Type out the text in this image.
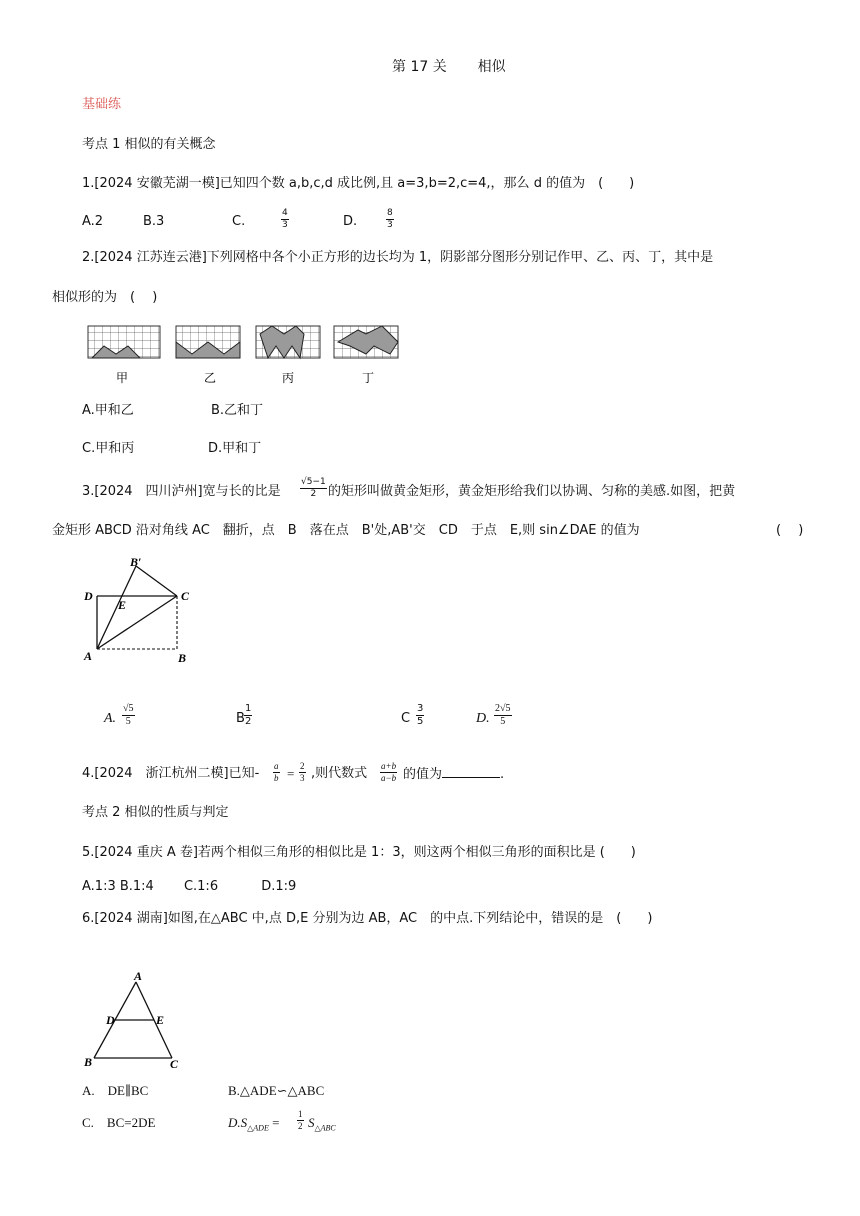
第 17 关 相似
基础练
考点 1 相似的有关概念
1.[2024 安徽芜湖一模]已知四个数 a,b,c,d 成比例,且 a=3,b=2,c=4,，那么 d 的值为　(　　)
A.2	B.3	C.	$\frac{4}{3}$	D.	$\frac{8}{3}$
2.[2024 江苏连云港]下列网格中各个小正方形的边长均为 1，阴影部分图形分别记作甲、乙、丙、丁，其中是
相似形的为　(　 )
甲	乙	丙	丁
A.甲和乙	B.乙和丁
C.甲和丙	D.甲和丁
3.[2024　四川泸州]宽与长的比是 $\frac{√5-1}{2}$ 的矩形叫做黄金矩形，黄金矩形给我们以协调、匀称的美感.如图，把黄
金矩形 ABCD 沿对角线 AC　翻折，点　B　落在点　B'处,AB'交　CD　于点　E,则 sin∠DAE 的值为	(　 )
B′
D
E
C
A	B
A. $\frac{√5}{5}$	B $\frac{1}{2}$	C $\frac{3}{5}$	D. $\frac{2√5}{5}$
4.[2024　浙江杭州二模]已知- $\frac{a}{b} = \frac{2}{3}$ ,则代数式 $\frac{a+b}{a-b}$ 的值为	.
考点 2 相似的性质与判定
5.[2024 重庆 A 卷]若两个相似三角形的相似比是 1：3，则这两个相似三角形的面积比是 (　　)
A.1:3 B.1:4　　 C.1:6　　　 D.1:9
6.[2024 湖南]如图,在△ABC 中,点 D,E 分别为边 AB，AC　的中点.下列结论中，错误的是　(　　)
A
D	E
B	C
A.　DE∥BC	B.△ADE∽△ABC
C.　BC=2DE	$D.S_{\triangle ADE} = \frac{1}{2} S_{\triangle ABC}$
